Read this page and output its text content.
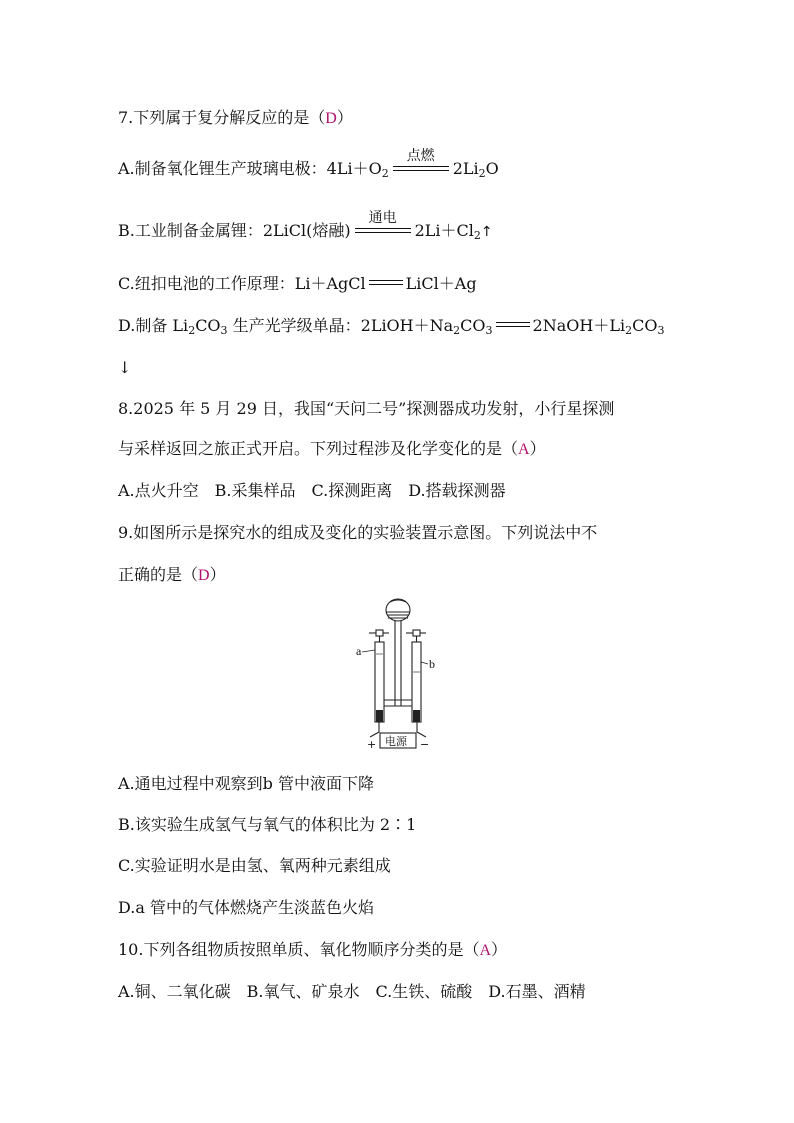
7.下列属于复分解反应的是（D）
A.制备氧化锂生产玻璃电极：$4Li+O_2$
点燃
$2Li_2O$
B.工业制备金属锂：2LiCl(熔融)
通电
$2Li+Cl_2↑$
C.纽扣电池的工作原理：Li＋AgCl	LiCl＋Ag
D.制备 $Li_2CO_3$ 生产光学级单晶：$2LiOH+Na_2CO_3$	$2NaOH+Li_2CO_3$
↓
8.2025 年 5 月 29 日，我国“天问二号”探测器成功发射，小行星探测
与采样返回之旅正式开启。下列过程涉及化学变化的是（A）
A.点火升空　B.采集样品　C.探测距离　D.搭载探测器
9.如图所示是探究水的组成及变化的实验装置示意图。下列说法中不
正确的是（D）
a
b
电源
+	−
A.通电过程中观察到b 管中液面下降
B.该实验生成氢气与氧气的体积比为 2∶1
C.实验证明水是由氢、氧两种元素组成
D.a 管中的气体燃烧产生淡蓝色火焰
10.下列各组物质按照单质、氧化物顺序分类的是（A）
A.铜、二氧化碳　B.氧气、矿泉水　C.生铁、硫酸　D.石墨、酒精
